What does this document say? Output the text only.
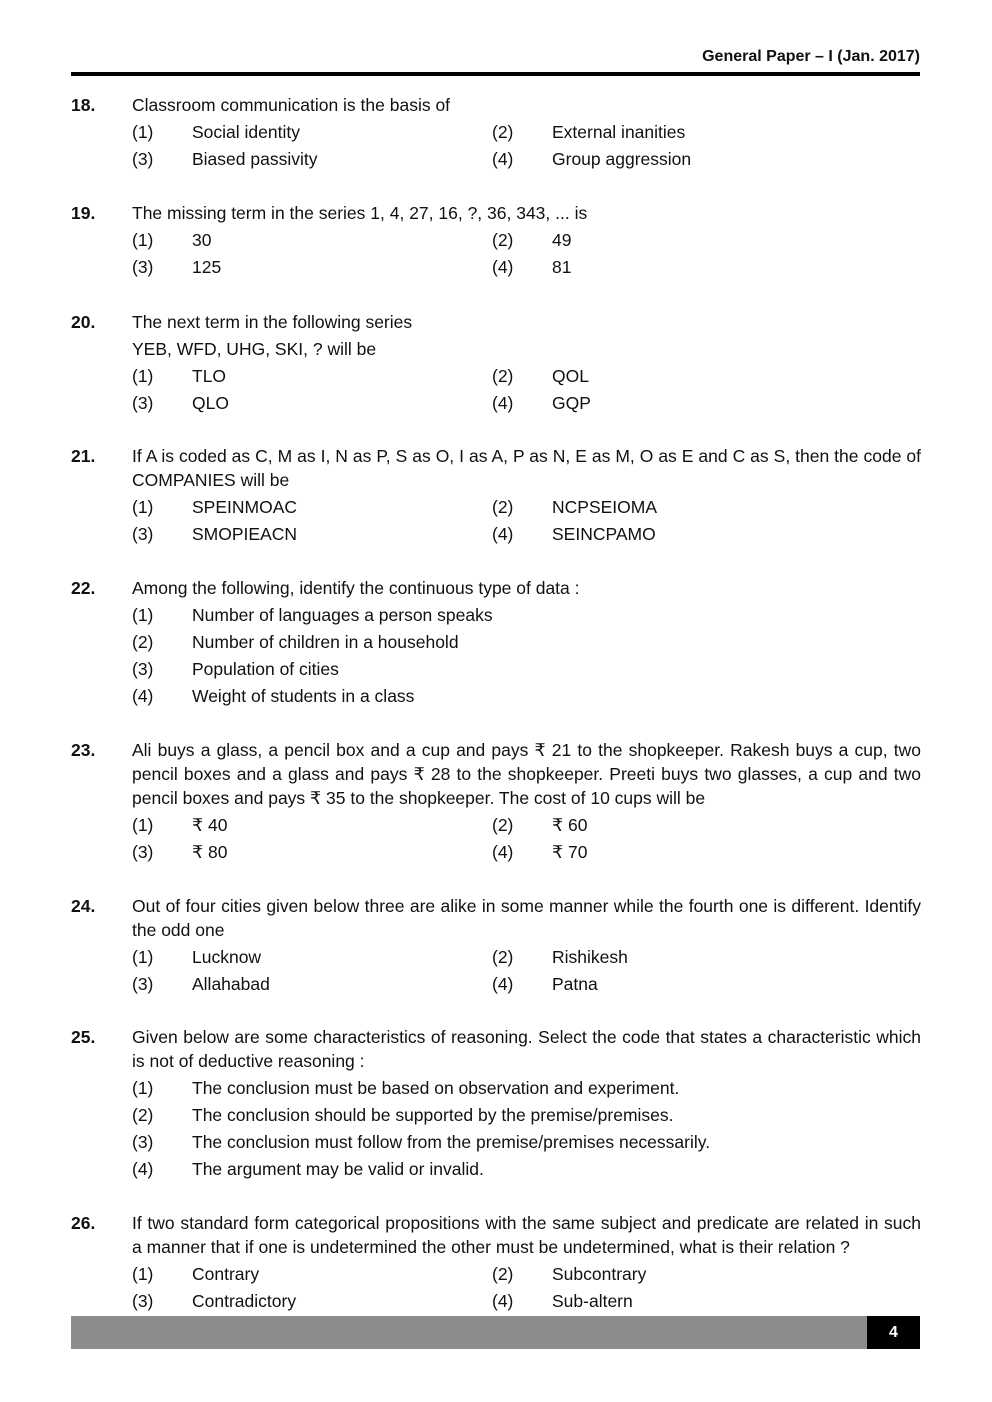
General Paper – I (Jan. 2017)
18. Classroom communication is the basis of
(1)	Social identity	(2)	External inanities
(3)	Biased passivity	(4)	Group aggression
19. The missing term in the series 1, 4, 27, 16, ?, 36, 343, ... is
(1)	30	(2)	49
(3)	125	(4)	81
20. The next term in the following series
YEB, WFD, UHG, SKI, ? will be
(1)	TLO	(2)	QOL
(3)	QLO	(4)	GQP
21. If A is coded as C, M as I, N as P, S as O, I as A, P as N, E as M, O as E and C as S, then the code of COMPANIES will be
(1)	SPEINMOAC	(2)	NCPSEIOMA
(3)	SMOPIEACN	(4)	SEINCPAMO
22. Among the following, identify the continuous type of data :
(1)	Number of languages a person speaks
(2)	Number of children in a household
(3)	Population of cities
(4)	Weight of students in a class
23. Ali buys a glass, a pencil box and a cup and pays ₹ 21 to the shopkeeper. Rakesh buys a cup, two pencil boxes and a glass and pays ₹ 28 to the shopkeeper. Preeti buys two glasses, a cup and two pencil boxes and pays ₹ 35 to the shopkeeper. The cost of 10 cups will be
(1)	₹ 40	(2)	₹ 60
(3)	₹ 80	(4)	₹ 70
24. Out of four cities given below three are alike in some manner while the fourth one is different. Identify the odd one
(1)	Lucknow	(2)	Rishikesh
(3)	Allahabad	(4)	Patna
25. Given below are some characteristics of reasoning. Select the code that states a characteristic which is not of deductive reasoning :
(1)	The conclusion must be based on observation and experiment.
(2)	The conclusion should be supported by the premise/premises.
(3)	The conclusion must follow from the premise/premises necessarily.
(4)	The argument may be valid or invalid.
26. If two standard form categorical propositions with the same subject and predicate are related in such a manner that if one is undetermined the other must be undetermined, what is their relation ?
(1)	Contrary	(2)	Subcontrary
(3)	Contradictory	(4)	Sub-altern
4
